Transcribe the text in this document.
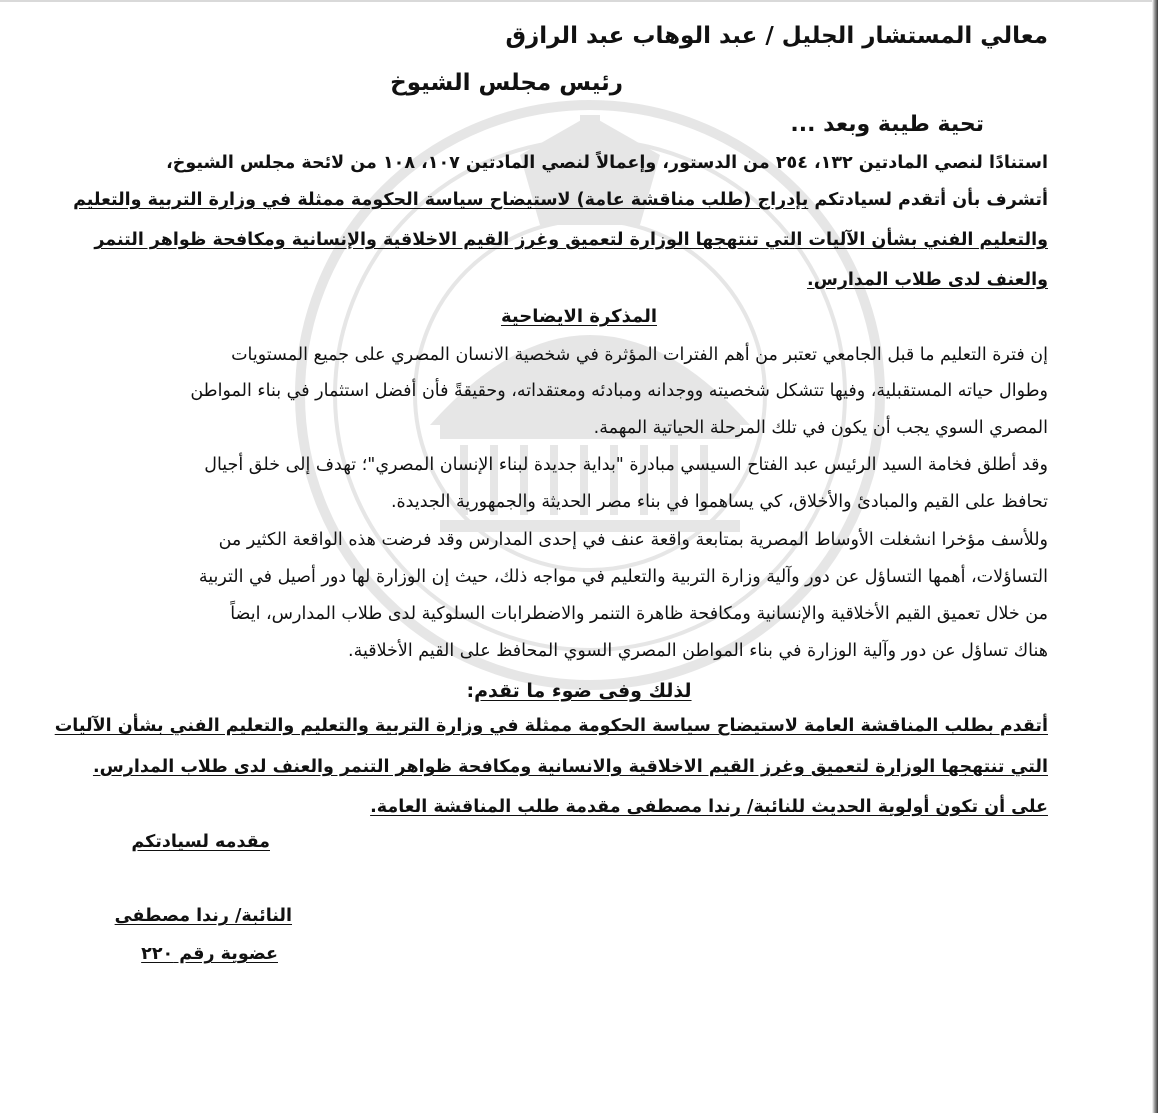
معالي المستشار الجليل / عبد الوهاب عبد الرازق
رئيس مجلس الشيوخ
تحية طيبة وبعد ...
استنادًا لنصي المادتين ١٣٢، ٢٥٤ من الدستور، وإعمالاً لنصي المادتين ١٠٧، ١٠٨ من لائحة مجلس الشيوخ،
أتشرف بأن أتقدم لسيادتكم بإدراج (طلب مناقشة عامة) لاستيضاح سياسة الحكومة ممثلة في وزارة التربية والتعليم
والتعليم الفني بشأن الآليات التي تنتهجها الوزارة لتعميق وغرز القيم الاخلاقية والإنسانية ومكافحة ظواهر التنمر
والعنف لدى طلاب المدارس.
المذكرة الايضاحية
إن فترة التعليم ما قبل الجامعي تعتبر من أهم الفترات المؤثرة في شخصية الانسان المصري على جميع المستويات
وطوال حياته المستقبلية، وفيها تتشكل شخصيته ووجدانه ومبادئه ومعتقداته، وحقيقةً فأن أفضل استثمار في بناء المواطن
المصري السوي يجب أن يكون في تلك المرحلة الحياتية المهمة.
وقد أطلق فخامة السيد الرئيس عبد الفتاح السيسي مبادرة "بداية جديدة لبناء الإنسان المصري"؛ تهدف إلى خلق أجيال
تحافظ على القيم والمبادئ والأخلاق، كي يساهموا في بناء مصر الحديثة والجمهورية الجديدة.
وللأسف مؤخرا انشغلت الأوساط المصرية بمتابعة واقعة عنف في إحدى المدارس وقد فرضت هذه الواقعة الكثير من
التساؤلات، أهمها التساؤل عن دور وآلية وزارة التربية والتعليم في مواجه ذلك، حيث إن الوزارة لها دور أصيل في التربية
من خلال تعميق القيم الأخلاقية والإنسانية ومكافحة ظاهرة التنمر والاضطرابات السلوكية لدى طلاب المدارس، ايضاً
هناك تساؤل عن دور وآلية الوزارة في بناء المواطن المصري السوي المحافظ على القيم الأخلاقية.
لذلك وفى ضوء ما تقدم:
أتقدم بطلب المناقشة العامة لاستيضاح سياسة الحكومة ممثلة في وزارة التربية والتعليم والتعليم الفني بشأن الآليات
التي تنتهجها الوزارة لتعميق وغرز القيم الاخلاقية والانسانية ومكافحة ظواهر التنمر والعنف لدى طلاب المدارس.
على أن تكون أولوية الحديث للنائبة/ رندا مصطفى مقدمة طلب المناقشة العامة.
مقدمه لسيادتكم
النائبة/ رندا مصطفى
عضوية رقم ٢٢٠
